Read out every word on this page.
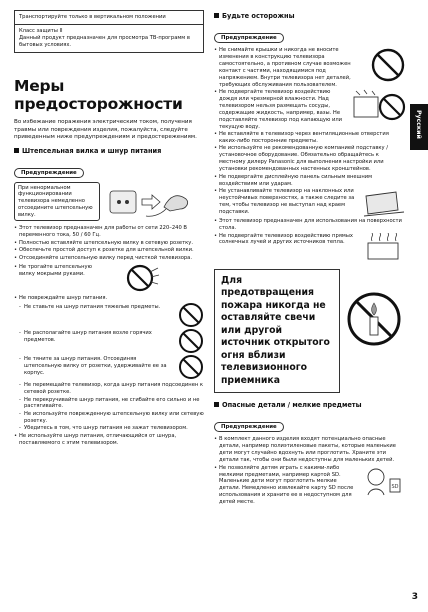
Транспортируйте только в вертикальном положении

Класс защиты II

Данный продукт предназначен для просмотра ТВ-программ в бытовых условиях.

Меры предосторожности
Во избежание поражения электрическим током, получения травмы или повреждения изделия, пожалуйста, следуйте приведенным ниже предупреждениям и предостережениям.
Штепсельная вилка и шнур питания
Предупреждение
При ненормальном функционировании телевизора немедленно отсоедините штепсельную вилку.
• Этот телевизор предназначен для работы от сети 220–240 В переменного тока, 50 / 60 Гц.
• Полностью вставляйте штепсельную вилку в сетевую розетку.
• Обеспечьте простой доступ к розетке для штепсельной вилки.
• Отсоединяйте штепсельную вилку перед чисткой телевизора.
• Не трогайте штепсельную вилку мокрыми руками.
• Не повреждайте шнур питания.
- Не ставьте на шнур питания тяжелые предметы.
- Не располагайте шнур питания возле горячих предметов.
- Не тяните за шнур питания. Отсоединяя штепсельную вилку от розетки, удерживайте ее за корпус.
- Не перемещайте телевизор, когда шнур питания подсоединен к сетевой розетке.
- Не перекручивайте шнур питания, не сгибайте его сильно и не растягивайте.
- Не используйте поврежденную штепсельную вилку или сетевую розетку.
- Убедитесь в том, что шнур питания не зажат телевизором.
• Не используйте шнур питания, отличающийся от шнура, поставляемого с этим телевизором.
Будьте осторожны
Предупреждение
• Не снимайте крышки и никогда не вносите изменения в конструкцию телевизора самостоятельно, а противном случае возможен контакт с частями, находящимися под напряжением. Внутри телевизора нет деталей, требующих обслуживания пользователем.
• Не подвергайте телевизор воздействию дождя или чрезмерной влажности. Над телевизором нельзя размещать сосуды, содержащие жидкость, например, вазы. Не подставляйте телевизор под капающую или текущую воду.
• Не вставляйте в телевизор через вентиляционные отверстия каких-либо посторонние предметы.
• Не используйте не рекомендованную компанией подставку / установочное оборудование. Обязательно обращайтесь к местному дилеру Panasonic для выполнения настройки или установки рекомендованных настенных кронштейнов.
• Не подвергайте дисплейную панель сильным внешним воздействиям или ударам.
• Не устанавливайте телевизор на наклонных или неустойчивых поверхностях, а также следите за тем, чтобы телевизор не выступал над краем подставки.
• Этот телевизор предназначен для использования на поверхности стола.
• Не подвергайте телевизор воздействию прямых солнечных лучей и других источников тепла.

Для предотвращения пожара никогда не оставляйте свечи или другой источник открытого огня вблизи телевизионного приемника

Опасные детали / мелкие предметы
Предупреждение
• В комплект данного изделия входят потенциально опасные детали, например полиэтиленовые пакеты, которые маленькие дети могут случайно вдохнуть или проглотить. Храните эти детали так, чтобы они были недоступны для маленьких детей.
• Не позволяйте детям играть с какими-либо мелкими предметами, например картой SD. Маленькие дети могут проглотить мелкие детали. Немедленно извлекайте карту SD после использования и храните ее в недоступном для детей месте.
SD
Русский
3
